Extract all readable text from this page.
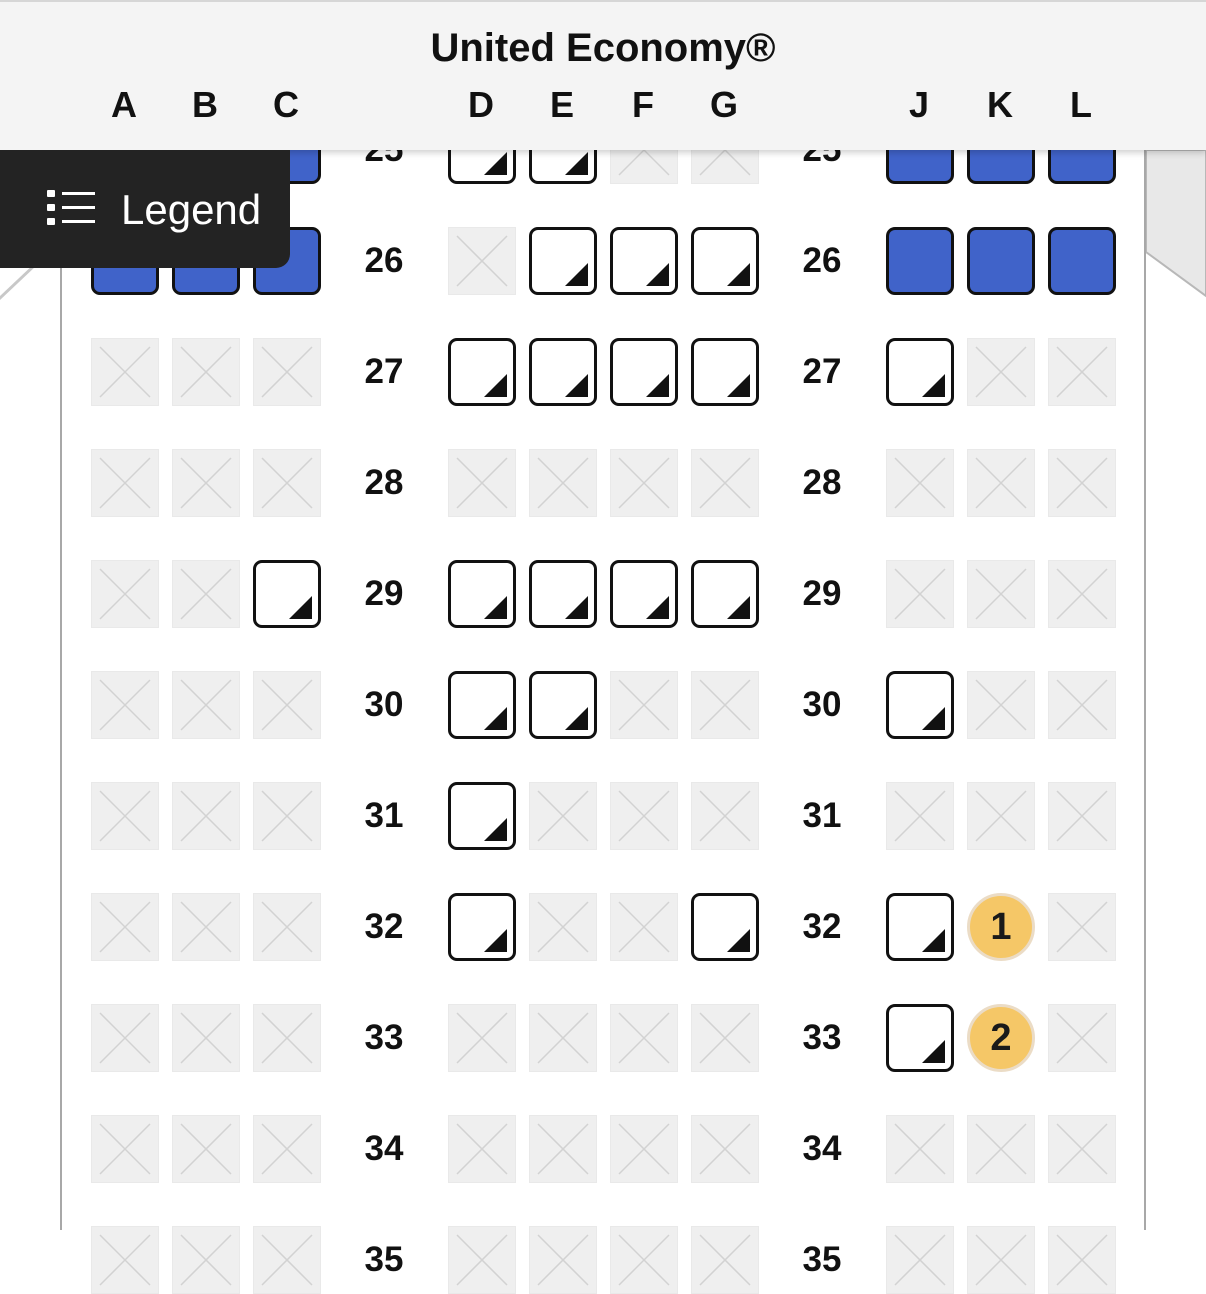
26	26
27	27
28	28
29	29
30	30
31	31
32	32	1
33	33	2
34	34
35	35
United Economy®
A	B	C	D	E	F	G	J	K	L
Legend
